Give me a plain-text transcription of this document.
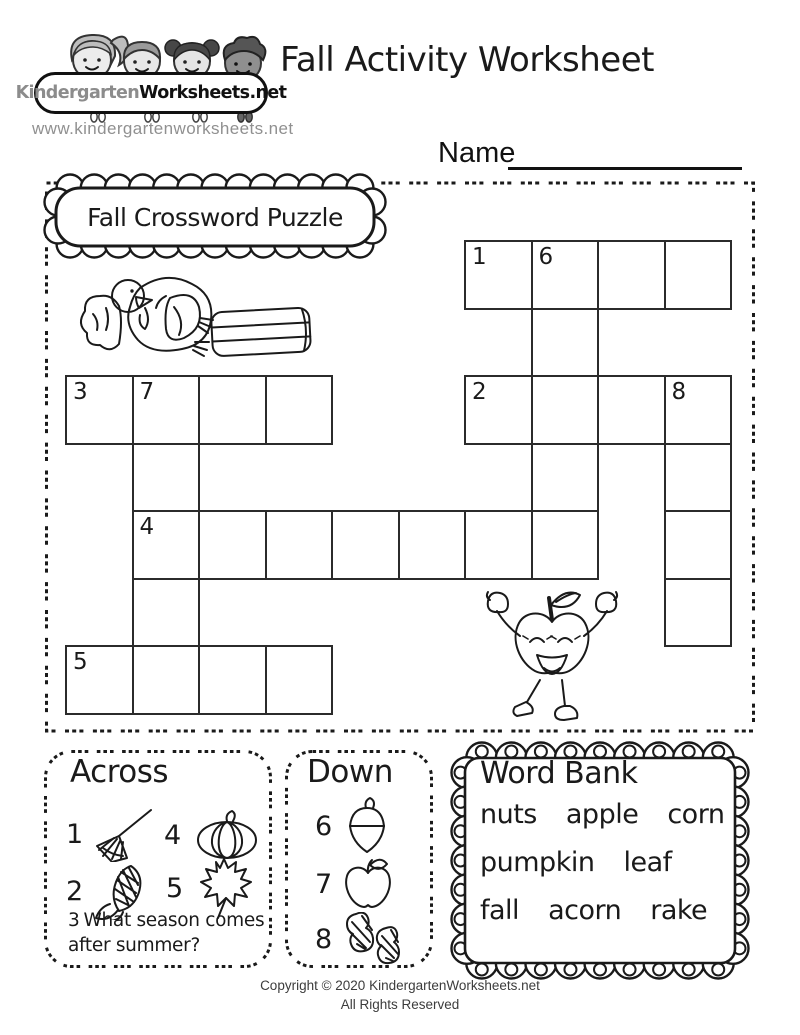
Kindergarten Worksheets.net
www.kindergartenworksheets.net
Fall Activity Worksheet
Name
Fall Crossword Puzzle
1 6
2	8
3 7
4
5
Across
1	4
2	5
3 What season comes after summer?
Down
6
7
8
Word Bank
nuts apple corn
pumpkin leaf
fall acorn rake
Copyright © 2020 KindergartenWorksheets.net
All Rights Reserved
